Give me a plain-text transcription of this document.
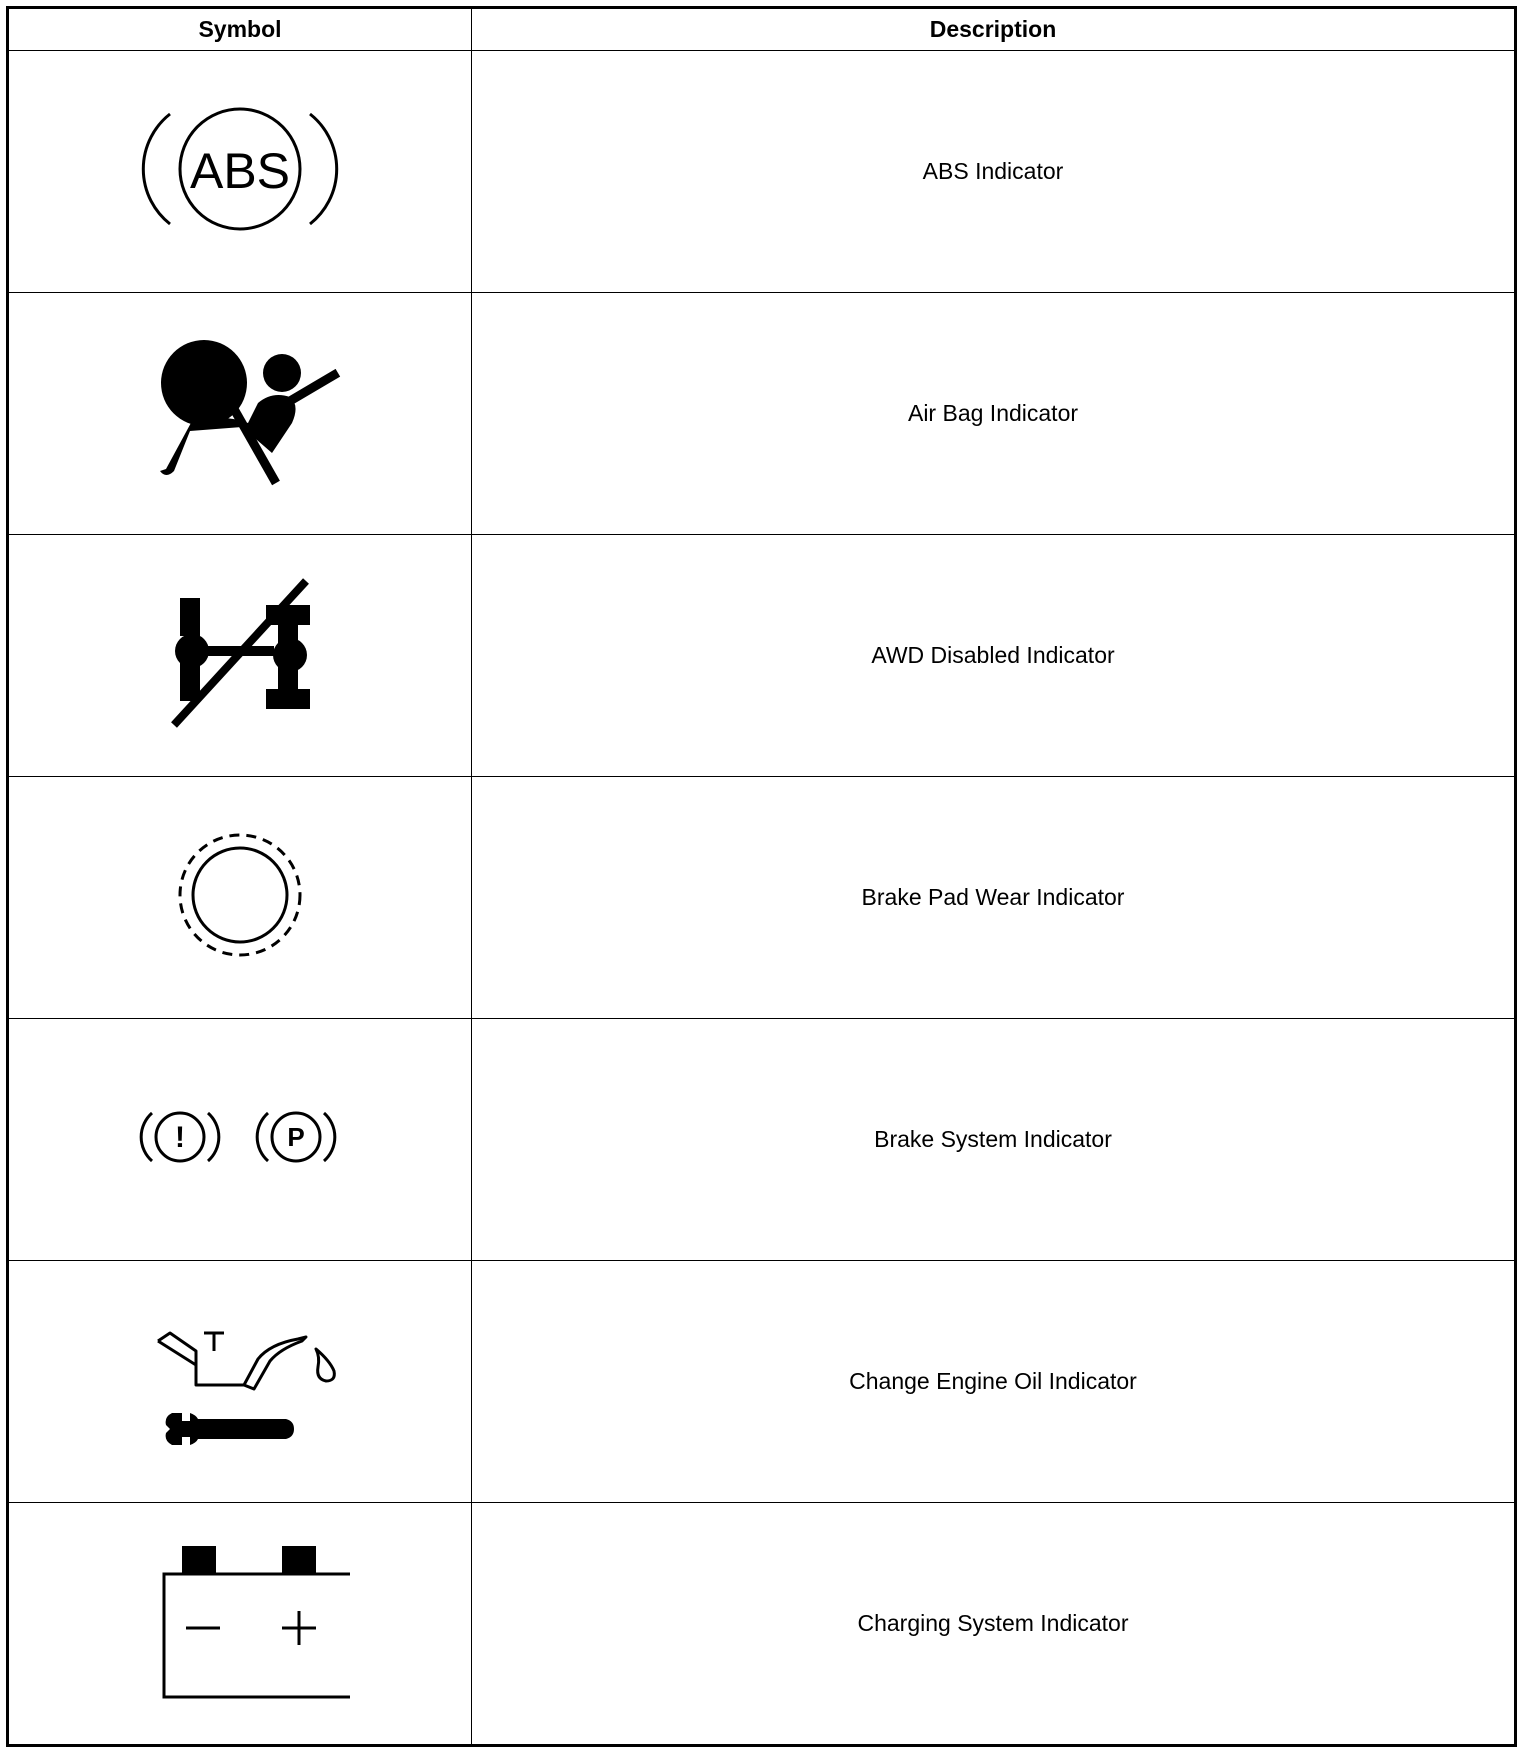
Symbol	Description

ABS	ABS Indicator

	Air Bag Indicator

	AWD Disabled Indicator

	Brake Pad Wear Indicator

! P	Brake System Indicator

	Change Engine Oil Indicator

	Charging System Indicator
